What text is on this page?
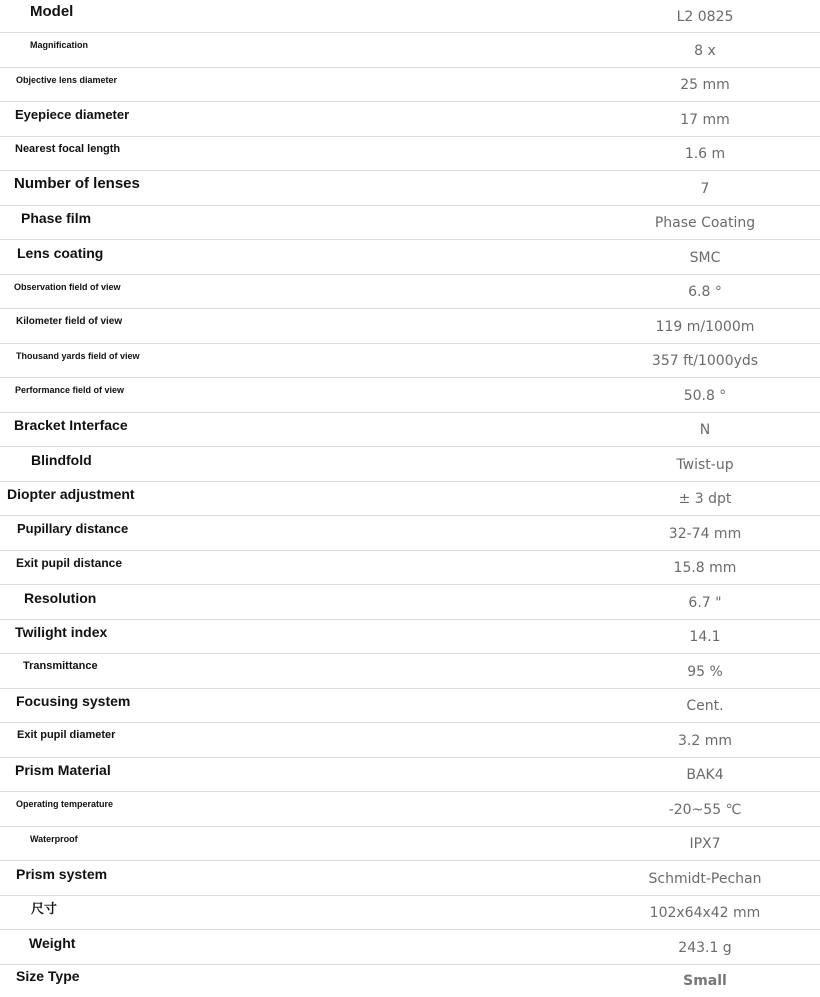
Model	L2 0825
Magnification	8 x
Objective lens diameter	25 mm
Eyepiece diameter	17 mm
Nearest focal length	1.6 m
Number of lenses	7
Phase film	Phase Coating
Lens coating	SMC
Observation field of view	6.8 °
Kilometer field of view	119 m/1000m
Thousand yards field of view	357 ft/1000yds
Performance field of view	50.8 °
Bracket Interface	N
Blindfold	Twist-up
Diopter adjustment	± 3 dpt
Pupillary distance	32-74 mm
Exit pupil distance	15.8 mm
Resolution	6.7 "
Twilight index	14.1
Transmittance	95 %
Focusing system	Cent.
Exit pupil diameter	3.2 mm
Prism Material	BAK4
Operating temperature	-20~55 ℃
Waterproof	IPX7
Prism system	Schmidt-Pechan
尺寸	102x64x42 mm
Weight	243.1 g
Size Type	Small
